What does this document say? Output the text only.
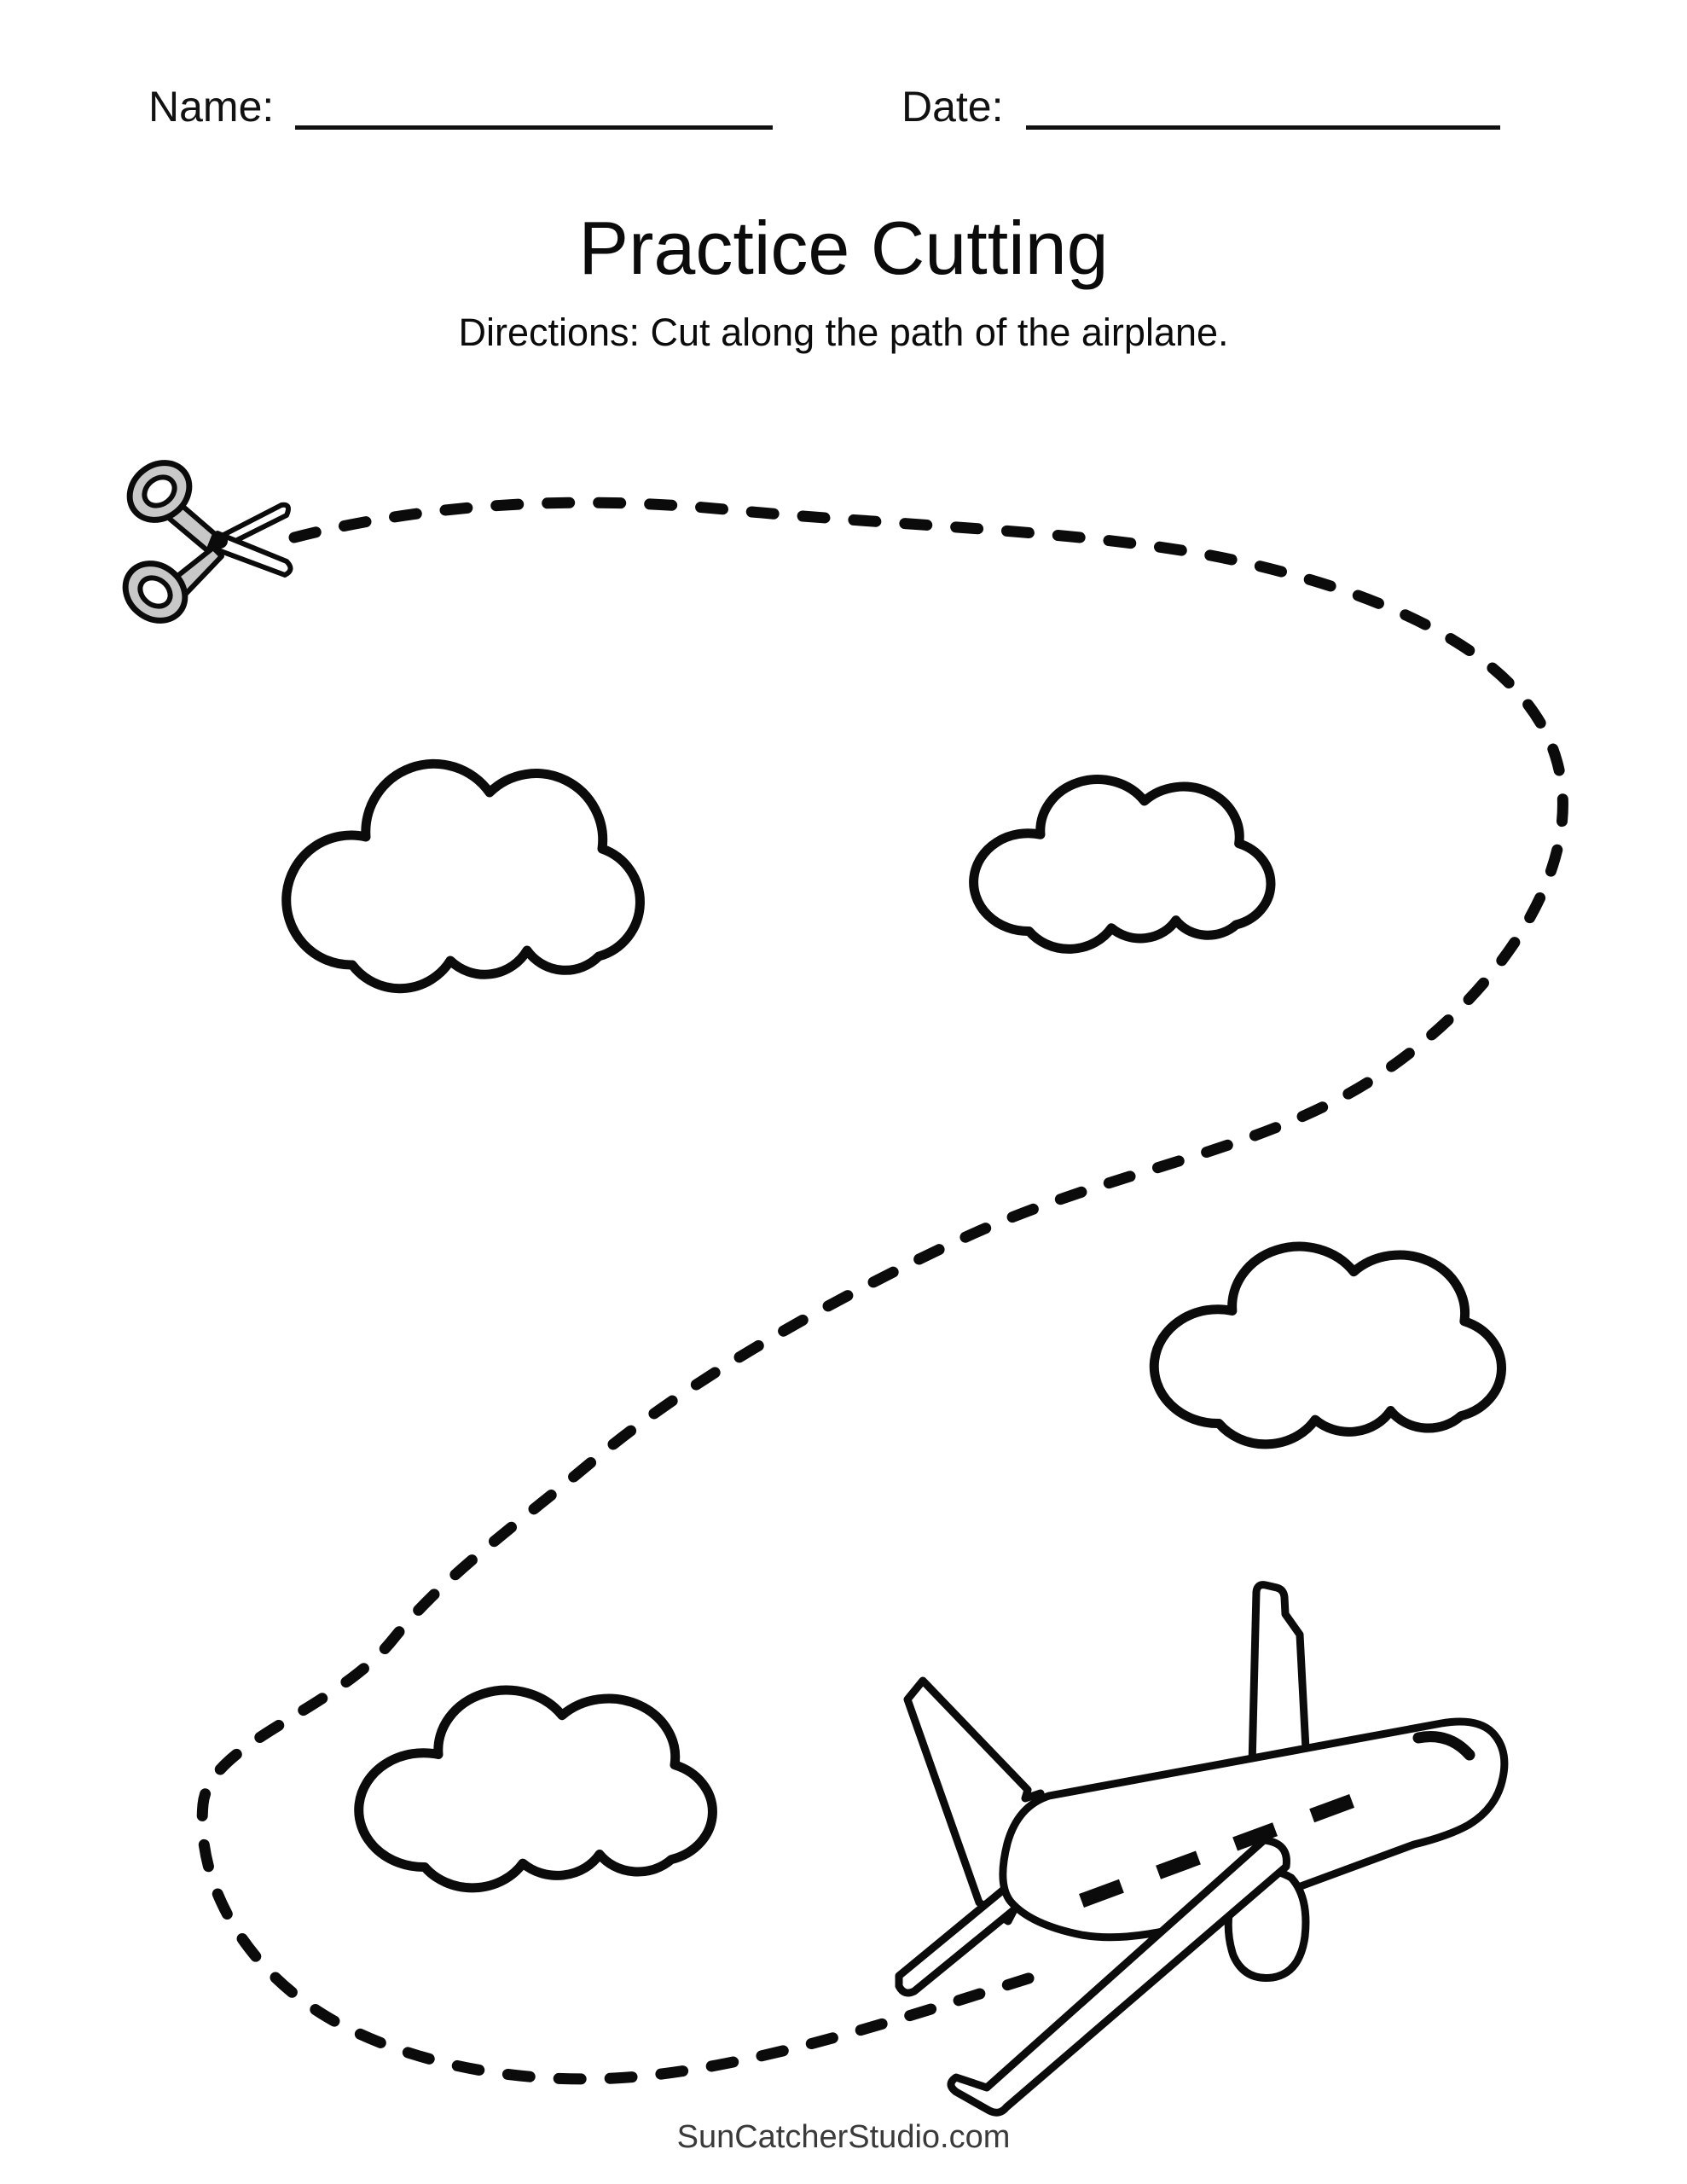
Name:	Date:
Practice Cutting
Directions: Cut along the path of the airplane.
SunCatcherStudio.com
